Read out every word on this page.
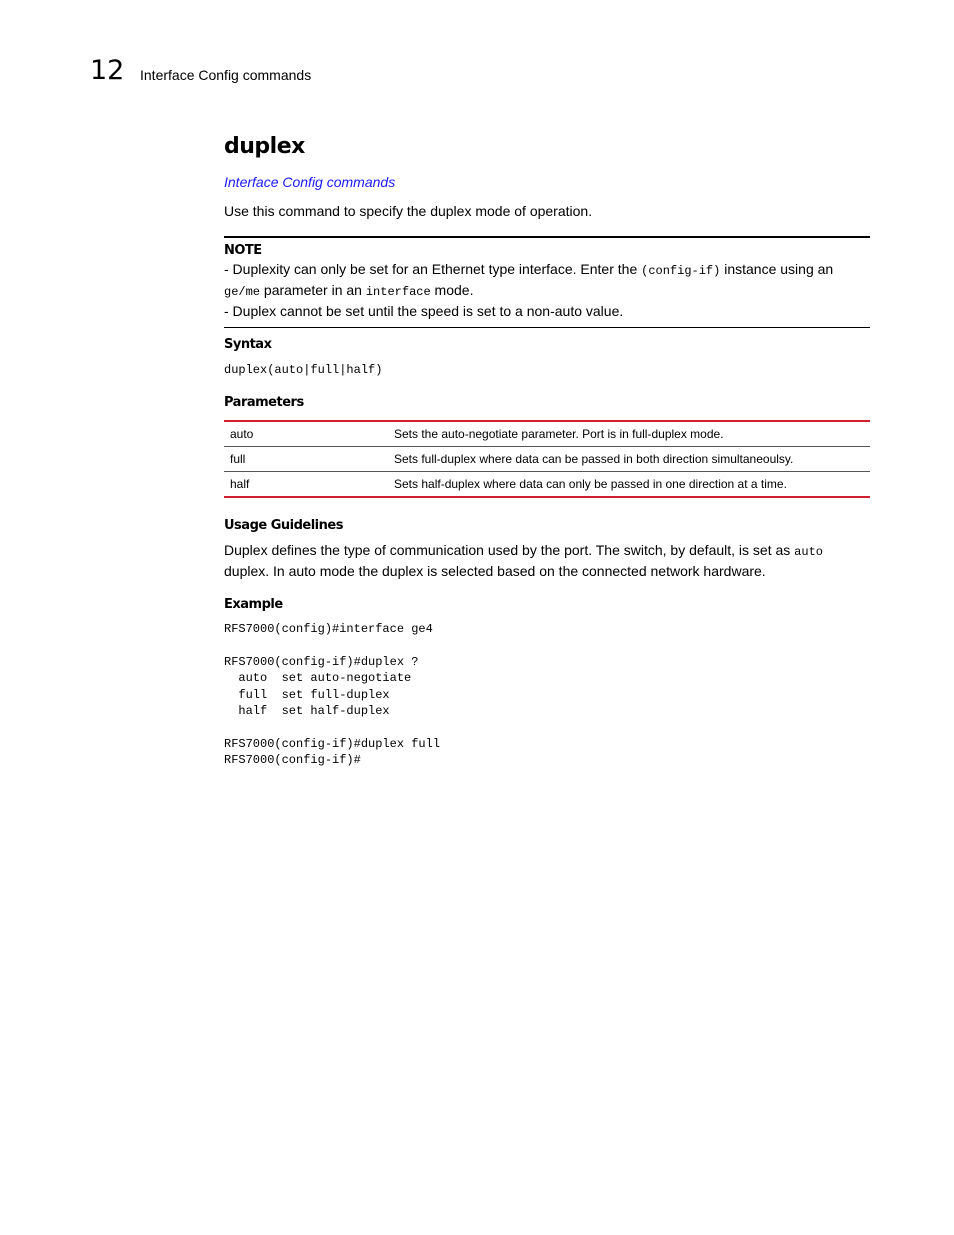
12 Interface Config commands
duplex
Interface Config commands
Use this command to specify the duplex mode of operation.
NOTE
- Duplexity can only be set for an Ethernet type interface. Enter the (config-if) instance using an
ge/me parameter in an interface mode.
- Duplex cannot be set until the speed is set to a non-auto value.
Syntax
duplex(auto|full|half)
Parameters
auto	Sets the auto-negotiate parameter. Port is in full-duplex mode.
full	Sets full-duplex where data can be passed in both direction simultaneoulsy.
half	Sets half-duplex where data can only be passed in one direction at a time.
Usage Guidelines
Duplex defines the type of communication used by the port. The switch, by default, is set as auto duplex. In auto mode the duplex is selected based on the connected network hardware.
Example
RFS7000(config)#interface ge4

RFS7000(config-if)#duplex ?
auto  set auto-negotiate
full  set full-duplex
half  set half-duplex

RFS7000(config-if)#duplex full
RFS7000(config-if)#
